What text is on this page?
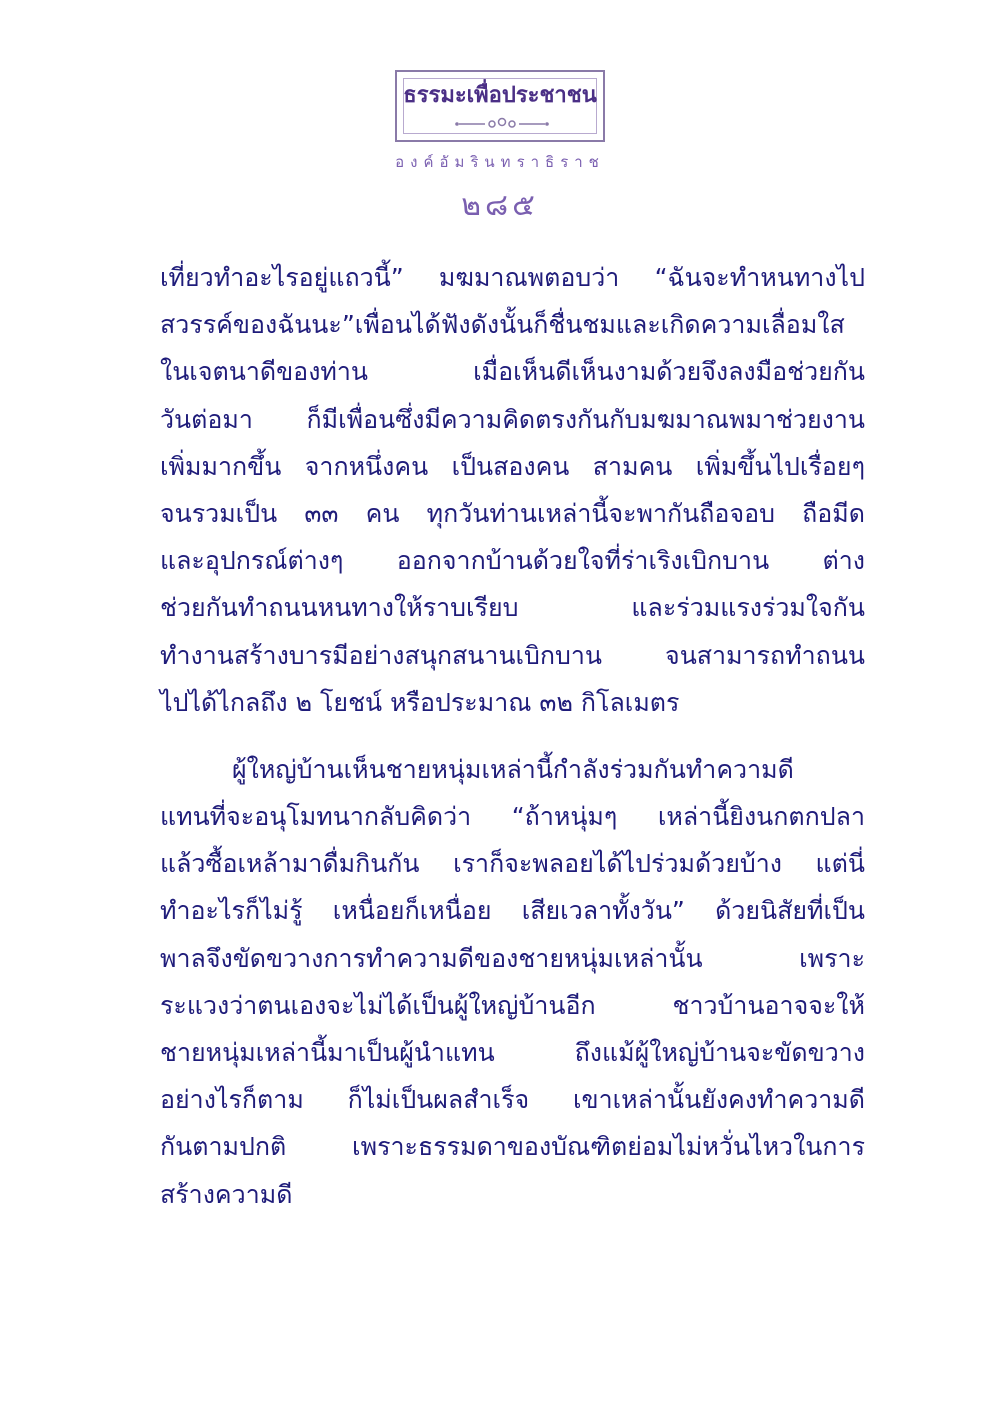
ธรรมะเพื่อประชาชน
องค์อัมรินทราธิราช
๒๘๕
เที่ยวทำอะไรอยู่แถวนี้” มฆมาณพตอบว่า “ฉันจะทำหนทางไป
สวรรค์ของฉันนะ”เพื่อนได้ฟังดังนั้นก็ชื่นชมและเกิดความเลื่อมใส
ในเจตนาดีของท่าน เมื่อเห็นดีเห็นงามด้วยจึงลงมือช่วยกัน
วันต่อมา ก็มีเพื่อนซึ่งมีความคิดตรงกันกับมฆมาณพมาช่วยงาน
เพิ่มมากขึ้น จากหนึ่งคน เป็นสองคน สามคน เพิ่มขึ้นไปเรื่อยๆ
จนรวมเป็น ๓๓ คน ทุกวันท่านเหล่านี้จะพากันถือจอบ ถือมีด
และอุปกรณ์ต่างๆ ออกจากบ้านด้วยใจที่ร่าเริงเบิกบาน ต่าง
ช่วยกันทำถนนหนทางให้ราบเรียบ และร่วมแรงร่วมใจกัน
ทำงานสร้างบารมีอย่างสนุกสนานเบิกบาน จนสามารถทำถนน
ไปได้ไกลถึง ๒ โยชน์ หรือประมาณ ๓๒ กิโลเมตร
ผู้ใหญ่บ้านเห็นชายหนุ่มเหล่านี้กำลังร่วมกันทำความดี
แทนที่จะอนุโมทนากลับคิดว่า “ถ้าหนุ่มๆ เหล่านี้ยิงนกตกปลา
แล้วซื้อเหล้ามาดื่มกินกัน เราก็จะพลอยได้ไปร่วมด้วยบ้าง แต่นี่
ทำอะไรก็ไม่รู้ เหนื่อยก็เหนื่อย เสียเวลาทั้งวัน” ด้วยนิสัยที่เป็น
พาลจึงขัดขวางการทำความดีของชายหนุ่มเหล่านั้น เพราะ
ระแวงว่าตนเองจะไม่ได้เป็นผู้ใหญ่บ้านอีก ชาวบ้านอาจจะให้
ชายหนุ่มเหล่านี้มาเป็นผู้นำแทน ถึงแม้ผู้ใหญ่บ้านจะขัดขวาง
อย่างไรก็ตาม ก็ไม่เป็นผลสำเร็จ เขาเหล่านั้นยังคงทำความดี
กันตามปกติ เพราะธรรมดาของบัณฑิตย่อมไม่หวั่นไหวในการ
สร้างความดี
